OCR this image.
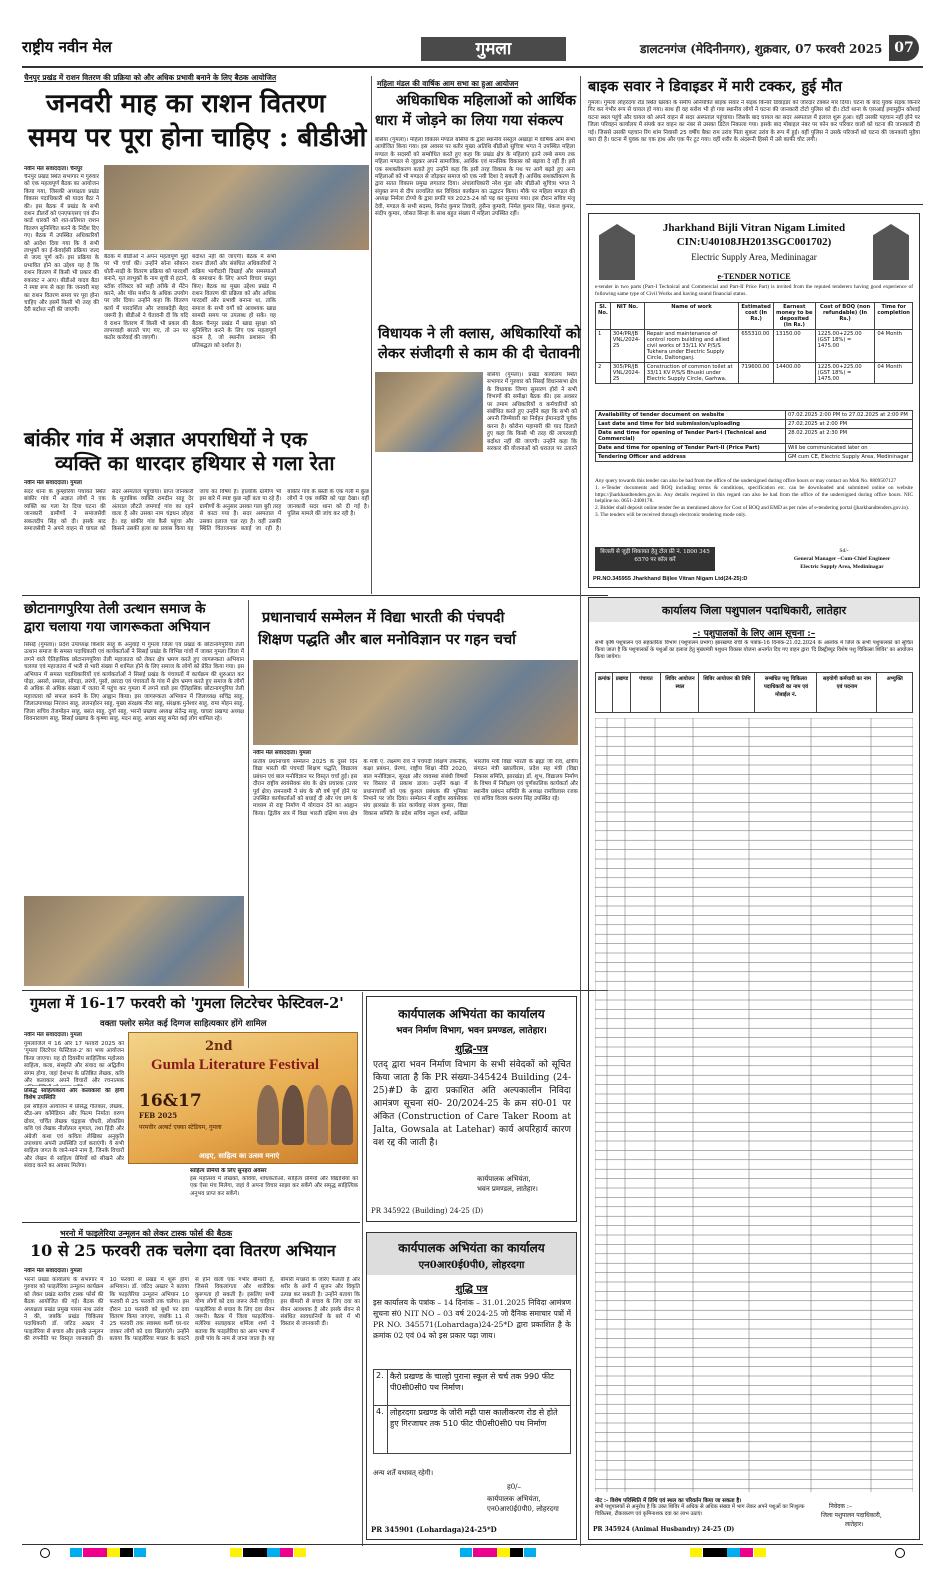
राष्ट्रीय नवीन मेल	गुमला	डालटनगंज (मेदिनीनगर), शुक्रवार, 07 फरवरी 2025 07
चैनपुर प्रखंड में राशन वितरण की प्रक्रिया को और अधिक प्रभावी बनाने के लिए बैठक आयोजित
जनवरी माह का राशन वितरण
समय पर पूरा होना चाहिए : बीडीओ
नवीन मेल संवाददाता। चैनपुर
चैनपुर प्रखंड स्थित सभागार में गुरुवार को एक महत्वपूर्ण बैठक का आयोजन किया गया, जिसकी अध्यक्षता प्रखंड विकास पदाधिकारी श्री यादव बैठा ने की। इस बैठक में प्रखंड के सभी राशन डीलरों को एनएफएसए एवं ग्रीन कार्ड धारकों को शत-प्रतिशत राशन वितरण सुनिश्चित करने के निर्देश दिए गए। बैठक में उपस्थित अधिकारियों को आदेश दिया गया कि वे सभी लाभुकों का ई-केवाईसी प्रक्रिया जल्द से जल्द पूर्ण करें। इस प्रक्रिया के प्रभावित होने का उद्देश्य यह है कि राशन वितरण में किसी भी प्रकार की रुकावट न आए। बीडीओ यादव बैठा ने स्पष्ट रूप से कहा कि जनवरी माह का राशन वितरण समय पर पूरा होना चाहिए और इसमें किसी भी तरह की देरी बर्दाश्त नहीं की जाएगी।
बैठक में बीडीओ ने अपन महत्वपूर्ण मुद्दों पर भी चर्चा की। उन्होंने सोना सोबरन धोती-साड़ी के वितरण प्रक्रिया को पारदर्शी बनाने, मृत लाभुकों के नाम सूची से हटाने, स्टॉक रजिस्टर को सही तरीके से मेंटेन करने, और पॉस मशीन के अधिक उपयोग पर जोर दिया। उन्होंने कहा कि वितरण कार्य में पारदर्शिता और जवाबदेही बेहद जरूरी है। बीडीओ ने चेतावनी दी कि यदि वे राशन वितरण में किसी भी प्रकार की लापरवाही बरतते पाए गए, तो उन पर कठोर कार्रवाई की जाएगी।
बर्दाश्त नहीं की जाएगी। बैठक में सभी राशन डीलरों और संबंधित अधिकारियों ने सक्रिय भागीदारी दिखाई और समस्याओं के समाधान के लिए अपने विचार प्रस्तुत किए। बैठक का मुख्य उद्देश्य प्रखंड में राशन वितरण की प्रक्रिया को और अधिक पारदर्शी और प्रभावी बनाना था, ताकि समाज के सभी वर्गों को आवश्यक खाद्य सामग्री समय पर उपलब्ध हो सके। यह बैठक चैनपुर प्रखंड में खाद्य सुरक्षा को सुनिश्चित करने के लिए एक महत्वपूर्ण कदम है, जो स्थानीय प्रशासन की प्रतिबद्धता को दर्शाता है।
बांकीर गांव में अज्ञात अपराधियों ने एक
व्यक्ति का धारदार हथियार से गला रेता
नवीन मेल संवाददाता। गुमला
सदर थाना के कुम्हारिया पंचायत स्थित बांकीर गांव में अज्ञात लोगों ने एक व्यक्ति का गला रेत दिया घटना की जानकारी ग्रामीणों ने समाजसेवी सकलदीप सिंह को दी। इसके बाद समाजसेवी ने अपने वाहन से घायल को सदर अस्पताल पहुंचाया। प्राप्त जानकारी के मुताबिक व्यक्ति रामदीन साहू देर अंतराल लौटते जमगाई गांव का रहने वाला है और उसका नाम चंद्रधन लोहरा है। वह बांकीर गांव कैसे पहुंचा और किसने उसकी हत्या का प्रयास किया यह जांच का विषय है। हालांकि ग्रामीण भी इस बारे में स्पष्ट कुछ नहीं बता पा रहे हैं। ग्रामीणों के अनुसार उसका गला बुरी तरह से काटा गया है। सदर अस्पताल में उसका इलाज चल रहा है। वहीं उसकी स्थिति चिंताजनक बताई जा रही है। बांकीर गांव के बस्ती के एक गली में कुछ लोगों ने एक व्यक्ति को पड़ा देखा। वहीं जानकारी सदर थाना को दी गई है। पुलिस मामले की जांच कर रही है।
महिला मंडल की वार्षिक आम सभा का हुआ आयोजन
अधिकाधिक महिलाओं को आर्थिक
धारा में जोड़ने का लिया गया संकल्प
बसिया (गुमला)। महिला विकास मण्डल बसिया के द्वारा स्थानीय सस्तुल अखाड़ा में वार्षिक आम सभा आयोजित किया गया। इस अवसर पर बतौर मुख्य अतिथि बीडीओ सुचित्रा भगत ने उपस्थित महिला मण्डल के सदस्यों को सम्बोधित करते हुए कहा कि प्रखंड क्षेत्र के महिलाएं इतने लम्बे समय तक महिला मण्डल से जुड़कर अपने सामाजिक, आर्थिक एवं मानसिक विकास को बढ़ावा दे रहीं हैं। इसे एक सशक्तीकरण बताते हुए उन्होंने कहा कि इसी तरह विकास के पथ पर आगे बढ़ते हुए अन्य महिलाओं को भी मण्डल से जोड़कर समाज को एक नयी दिशा दे सकती हैं। आर्थिक सशक्तीकरण के द्वारा सतत विकास प्रमुख लगातार दिया। अंचलाधिकारी नरेश मुंडा और बीडीओ सुचित्रा भगत ने संयुक्त रूप से दीप प्रज्वलित कर विधिवत कार्यक्रम का उद्घाटन किया। मौके पर महिला मण्डल की अध्यक्ष निर्मला टोप्पो के द्वारा प्रगति पत्र 2023-24 को पढ़ कर सुनाया गया। इस दौरान सचिव मंजू देवी, मण्डल के सभी सदस्य, विनोद कुमार तिवारी, हुसैना कुमारी, निर्मल कुमार सिंह, पंकज कुमार, संदीप कुमार, जोसत सिन्हा के साथ बहुत संख्या में महिला उपस्थित रहीं।
विधायक ने ली क्लास, अधिकारियों को
लेकर संजीदगी से काम की दी चेतावनी
बसिया (गुमला)। प्रखंड कार्यालय स्थित सभागार में गुरुवार को सिसई विधानसभा क्षेत्र के विधायक जिग्गा सुसारण होरो ने सभी विभागों की समीक्षा बैठक की। इस अवसर पर तमाम अधिकारियों व कर्मचारियों को संबोधित करते हुए उन्होंने कहा कि सभी को अपनी जिम्मेवारी का निर्वहन ईमानदारी पूर्वक करना है। कोरोना महामारी की याद दिलाते हुए कहा कि किसी भी तरह की लापरवाही बर्दाश्त नहीं की जाएगी। उन्होंने कहा कि सरकार की योजनाओं को धरातल पर उतारने
छोटानागपुरिया तेली उत्थान समाज के
द्वारा चलाया गया जागरूकता अभियान
सिसई (गुमला)। प्रदेश उपाध्यक्ष किशोर साहू के अनुवाई में गुमला जिला एवं प्रखंड के छोटानागपुरिया तेली उत्थान समाज के समस्त पदाधिकारी एवं कार्यकर्ताओं ने सिसई प्रखंड के विभिन्न गांवों में जाकर गुमला जिला में लगने वाले ऐतिहासिक छोटानागपुरिया तेली महाजतरा को लेकर क्षेत्र भ्रमण करते हुए जागरूकता अभियान चलाया एवं महाजतरा में भारी से भारी संख्या में शामिल होने के लिए समाज के लोगों को प्रेरित किया गया। इस अभियान में समस्त पदाधिकारियों एवं कार्यकर्ताओं ने सिसई प्रखंड के पंचायतों में कार्यक्रम की शुरुआत कर पोढ़ा, असरो, समाल, सोगड़ा, लरंगो, पुसो, छारदा एवं पंचायतों के गांव में क्षेत्र भ्रमण करते हुए समाज के लोगों से अधिक से अधिक संख्या में जतरा में पहुंच कर गुमला में लगने वाले इस ऐतिहासिक छोटानागपुरिया तेली महाजतरा को सफल बनाने के लिए आह्वान किया। इस जागरूकता अभियान में जिलाध्यक्ष सचिंद्र साहू, जिलाउपाध्यक्ष निरंजन साहू, ललनहोरन साहू, मुख्य संरक्षक नीरा साहू, संरक्षक मुनेश्वर साहू, रामा मोहन साहू, जिला सचिव तेजमोहन साहू, बसंत साहू, दुर्गा साहू, भरनो प्रखण्ड अध्यक्ष संतेन्द्र साहू, घाघरा प्रखण्ड अध्यक्ष शिवनारायण साहू, सिसई प्रखण्ड के कृष्णा साहू, मदन साहू, अच्छा साहू समेत कई लोग शामिल रहे।
प्रधानाचार्य सम्मेलन में विद्या भारती की पंचपदी
शिक्षण पद्धति और बाल मनोविज्ञान पर गहन चर्चा
नवीन मेल संवाददाता। गुमला
प्रांतीय प्रधानाचार्य सम्मेलन 2025 के दूसरे दिन विद्या भारती की पंचपदी शिक्षण पद्धति, विद्यालय प्रबंधन एवं बाल मनोविज्ञान पर विस्तृत चर्चा हुई। इस दौरान राष्ट्रीय स्वयंसेवक संघ के क्षेत्र प्रचारक (उत्तर पूर्व क्षेत्र) रामनवमी ने संघ के सौ वर्ष पूर्ण होने पर उपस्थित कार्यकर्ताओं को बधाई दी और पंच प्रण के माध्यम से राष्ट्र निर्माण में योगदान देने का आह्वान किया। द्वितीय सत्र में विद्या भारती दक्षिण मध्य क्षेत्र के मंत्री ए. लक्ष्मण राव ने पंचपदी शिक्षण तकनीक, कक्षा प्रबंधन, प्रेरणा, राष्ट्रीय शिक्षा नीति 2020, बाल मनोविज्ञान, सुरक्षा और व्यवस्था संबंधी विषयों पर विस्तार से प्रकाश डाला। उन्होंने कक्षा में प्रधानाचार्यों को एक कुशल प्रबंधक की भूमिका निभाने पर जोर दिया। सम्मेलन में राष्ट्रीय स्वयंसेवक संघ झारखंड के प्रांत कार्यवाह संजय कुमार, विद्या विकास समिति के प्रदेश सचिव नकुल शर्मा, अखिल भारतीय मंत्री विद्या भारती के ब्रह्मा जी राव, क्षेत्रीय संगठन मंत्री ख्यालीराम, प्रदेश सह मंत्री (विद्या निकास समिति, झारखंड) डॉ. शुभ, विद्यालय निर्माण के विषय में निरीक्षण एवं पूर्णकालिक कार्यकर्ता और स्थानीय प्रबंधन समिति के अध्यक्ष रामविलास रजक एवं सचिव विजय कश्यप सिंह उपस्थित रहे।
गुमला में 16-17 फरवरी को 'गुमला लिटरेचर फेस्टिवल-2'
वक्ता फ्लोर समेत कई दिग्गज साहित्यकार होंगे शामिल
नवीन मेल संवाददाता। गुमला
गुमलाजिले में 16 और 17 फरवरी 2025 को 'गुमला लिटरेचर फेस्टिवल-2' का भव्य आयोजन किया जाएगा। यह दो दिवसीय साहित्यिक महोत्सव साहित्य, कला, संस्कृति और संवाद का अद्वितीय संगम होगा, जहां देशभर के प्रतिष्ठित लेखक, कवि और कलाकार अपने विचारों और रचनात्मक
प्रसिद्ध साहित्यकारों और कलाकारों की होगी विशेष उपस्थिति
इस सौहित्य आयोजन में प्रसिद्ध गीतकार, लेखक, स्टैंड-अप कॉमेडियन और फिल्म निर्माता वरुण ग्रोवर, चर्चित लेखक चंद्रहास चौधरी, लोकप्रिय कवि एवं लेखक नीलोत्पल मृणाल, तथा हिंदी और अंग्रेजी कथा एवं कविता लेखिका अनुकृति उपाध्याय अपनी उपस्थिति दर्ज कराएंगी। ये सभी साहित्य जगत के जाने-माने नाम हैं, जिनके विचारों और लेखन से साहित्य प्रेमियों को सीखने और संवाद करने का अवसर मिलेगा।
2nd
Gumla Literature Festival
16&17
FEB 2025
परमवीर अल्बर्ट एक्का स्टेडियम, गुमला
आइए, साहित्य का उत्सव मनाएं
साहित्य प्रेमियों के लिए सुनहरा अवसर
इस महोत्सव में लेखकों, कवियों, शोधकर्ताओं, साहित्य प्रेमियों और विद्यार्थियों को एक ऐसा मंच मिलेगा, जहां वे अपना विचार साझा कर सकेंगे और समृद्ध साहित्यिक अनुभव प्राप्त कर सकेंगे।
भरनो में फाइलेरिया उन्मूलन को लेकर टास्क फोर्स की बैठक
10 से 25 फरवरी तक चलेगा दवा वितरण अभियान
नवीन मेल संवाददाता। गुमला
भरनो प्रखंड कार्यालय के सभागार में गुरुवार को फाइलेरिया उन्मूलन कार्यक्रम को लेकर प्रखंड स्तरीय टास्क फोर्स की बैठक आयोजित की गई। बैठक की अध्यक्षता प्रखंड प्रमुख पारस नाथ उरांव ने की, जबकि प्रखंड चिकित्सा पदाधिकारी डॉ. जटिद अख्तर ने फाइलेरिया से बचाव और इसके उन्मूलन की रणनीति पर विस्तृत जानकारी दी। 10 फरवरी से प्रखंड में शुरू होगा अभियान। डॉ. जटिद अख्तर ने बताया कि फाइलेरिया उन्मूलन अभियान 10 फरवरी से 25 फरवरी तक चलेगा। इस दौरान 10 फरवरी को बूथों पर दवा वितरण किया जाएगा, जबकि 11 से 25 फरवरी तक स्वास्थ्य कर्मी घर-घर जाकर लोगों को दवा खिलाएंगे। उन्होंने बताया कि फाइलेरिया मच्छर के काटने से होने वाली एक गंभीर बीमारी है, जिससे विकलांगता और शारीरिक कुरूपता हो सकती है। इसलिए सभी योग्य लोगों को दवा जरूर लेनी चाहिए। फाइलेरिया से बचाव के लिए दवा सेवन जरूरी। बैठक में जिला फाइलेरिया-मलेरिया सलाहकार शर्मिला शर्मा ने बताया कि फाइलेरिया का आम भाषा में हाथी पांव के नाम से जाना जाता है। यह बीमारी मच्छरों के जरिए फैलती है और शरीर के अंगों में सूजन और विकृति उत्पन्न कर सकती है। उन्होंने बताया कि इस बीमारी से बचाव के लिए दवा का सेवन आवश्यक है और इसके सेवन से संबंधित सावधानियों के बारे में भी विस्तार से जानकारी दी।
कार्यपालक अभियंता का कार्यालय
भवन निर्माण विभाग, भवन प्रमण्डल, लातेहार।
शुद्धि-पत्र
एतद् द्वारा भवन निर्माण विभाग के सभी संवेदकों को सूचित किया जाता है कि PR संख्या-345424 Building (24-25)#D के द्वारा प्रकाशित अति अल्पकालीन निविदा आमंत्रण सूचना सं0- 20/2024-25 के क्रम सं0-01 पर अंकित (Construction of Care Taker Room at Jalta, Gowsala at Latehar) कार्य अपरिहार्य कारण वश रद्द की जाती है।
कार्यपालक अभियंता,
भवन प्रमण्डल, लातेहार।
PR 345922 (Building) 24-25 (D)
कार्यपालक अभियंता का कार्यालय
एन0आर0ई0पी0, लोहरदगा
शुद्धि पत्र
इस कार्यालय के पत्रांक – 14 दिनांक – 31.01.2025 निविदा आमंत्रण सूचना सं0 NIT NO – 03 वर्ष 2024-25 जो दैनिक समाचार पत्रों में PR NO. 345571(Lohardaga)24-25*D द्वारा प्रकाशित है के क्रमांक 02 एवं 04 को इस प्रकार पढ़ा जाय।
2.	कैरो प्रखण्ड के चाल्हो पुराना स्कूल से चर्च तक 990 फीट पी0सी0सी0 पथ निर्माण।
4.	लोहरदगा प्रखण्ड के जोरी मढ़ी पास कालीकरण रोड से होते हुए गिरजाघर तक 510 फीट पी0सी0सी0 पथ निर्माण
अन्य शर्तें यथावत् रहेगी।
ह0/–
कार्यपालक अभियंता,
एन0आर0ई0पी0, लोहरदगा
PR 345901 (Lohardaga)24-25*D
बाइक सवार ने डिवाइडर में मारी टक्कर, हुई मौत
गुमला। गुमला लोहरदगा रोड स्थित खरका के समीप अनियंत्रित बाइक सवार ने सड़क किनारे डिवाइडर को जोरदार टक्कर मार दिया। घटना के बाद युवक सड़क किनारे गिर कर गंभीर रूप से घायल हो गया। साथ ही वह सरोश भी हो गया स्थानीय लोगों ने घटना की जानकारी टोटो पुलिस को दी। टोटो थाना के एसआई इमामुद्दीन कोशाई घटना स्थल पहुंचे और घायल को अपने वाहन से सदर अस्पताल पहुंचाया। जिसके बाद घायल का सदर अस्पताल में इलाज शुरू हुआ। वहीं उसकी पहचान नहीं होने पर जिला परिवहन कार्यालय में संपर्क कर वाहन का नंबर से उसका डिटेल निकाला गया। इसके बाद मोबाइल नंबर पर फोन कर परिवार वालों को घटना की जानकारी दी गई। जिससे उसकी पहचान रिंग शांम निवासी 25 वर्षीय बैका राम उरांव पिता सुकरा उरांव के रूप में हुई। वहीं पुलिस ने उसके परिजनों को घटना की जानकारी मुहैया करा दी है। घटना में युवक का एक हाथ और एक पैर टूट गया। वहीं शरीर के अंदरूनी हिस्से में उसे काफी चोट लगी।
Jharkhand Bijli Vitran Nigam Limited
CIN:U40108JH2013SGC001702)
Electric Supply Area, Medininagar
e-TENDER NOTICE
e-tender in two parts (Part-I Technical and Commercial and Part-II Price Part) is invited from the reputed tenderers having good experience of following same type of Civil Works and having sound financial status.
Sl. No.	NIT No.	Name of work	Estimated cost (In Rs.)	Earnest money to be deposited (In Rs.)	Cost of BOQ (non refundable) (In Rs.)	Time for completion
1	304/PR/JB VNL/2024-25	Repair and maintenance of control room building and allied civil works of 33/11 KV P/S/S Tukhera under Electric Supply Circle, Daltonganj.	655310.00	13150.00	1225.00+225.00 (GST 18%) = 1475.00	04 Month
2	305/PR/JB VNL/2024-25	Construction of common toilet at 33/11 KV P/S/S Bhuski under Electric Supply Circle, Garhwa.	719600.00	14400.00	1225.00+225.00 (GST 18%) = 1475.00	04 Month
Availability of tender document on website	07.02.2025 2:00 PM to 27.02.2025 at 2:00 PM
Last date and time for bid submission/uploading	27.02.2025 at 2:00 PM
Date and time for opening of Tender Part-I (Technical and Commercial)	28.02.2025 at 2:30 PM
Date and time for opening of Tender Part-II (Price Part)	Will be communicated later on
Tendering Officer and address	GM cum CE, Electric Supply Area, Medininagar
Any query towards this tender can also be had from the office of the undersigned during office hours or may contact on Mob No. 8809507127
1. e-Tender documents and BOQ including terms & conditions, specification etc. can be downloaded and submitted online on website https://jharkhandtenders.gov.in. Any details required in this regard can also be had from the office of the undersigned during office hours. NIC helpline no. 0651-2400178.
2. Bidder shall deposit online tender fee as mentioned above for Cost of BOQ and EMD as per rules of e-tendering portal (jharkhandtenders.gov.in).
3. The tenders will be received through electronic tendering mode only.
बिजली से जुड़ी शिकायत हेतु टोल फ्री नं. 1800 345 6570 पर कॉल करें
Sd/-
General Manager –Cum-Chief Engineer
Electric Supply Area, Medininagar
PR.NO.345955 Jharkhand Bijlee Vitran Nigam Ltd(24-25):D
कार्यालय जिला पशुपालन पदाधिकारी, लातेहार
–: पशुपालकों के लिए आम सूचना :–
सभी कृषि पशुपालन एवं सहकारिता विभाग (पशुपालन प्रभाग) झारखण्ड रांची के पत्रांक-16 दिनांक-21.02.2024 के आलोक में जिले के सभी पशुपालकों को सूचित किया जाता है कि पशुपालकों के पशुओं का इलाज हेतु मुख्यमंत्री पशुधन विकास योजना अन्तर्गत दिए गए वाहन द्वारा 'दि डिस्ट्रीब्यूट विशेष पशु चिकित्सा शिविर' का आयोजन किया जायेगा।
क्रमांक	प्रखण्ड	पंचायत	शिविर आयोजन स्थल	शिविर आयोजन की तिथि	सम्बंधित पशु चिकित्सा पदाधिकारी का नाम एवं मोबाईल नं.	सहयोगी कर्मचारी का नाम एवं पदनाम	अभ्युक्ति
नोट :- विशेष परिस्थिति में तिथि एवं स्थल का परिवर्तन किया जा सकता है।
सभी पशुपालकों से अनुरोध है कि उक्त शिविर में अधिक से अधिक संख्या में भाग लेकर अपने पशुओं का निःशुल्क चिकित्सा, टीकाकरण एवं कृमिनाशक दवा का लाभ उठाएं।
निवेदक :–
जिला पशुपालन पदाधिकारी,
लातेहार।
PR 345924 (Animal Husbandry) 24-25 (D)
